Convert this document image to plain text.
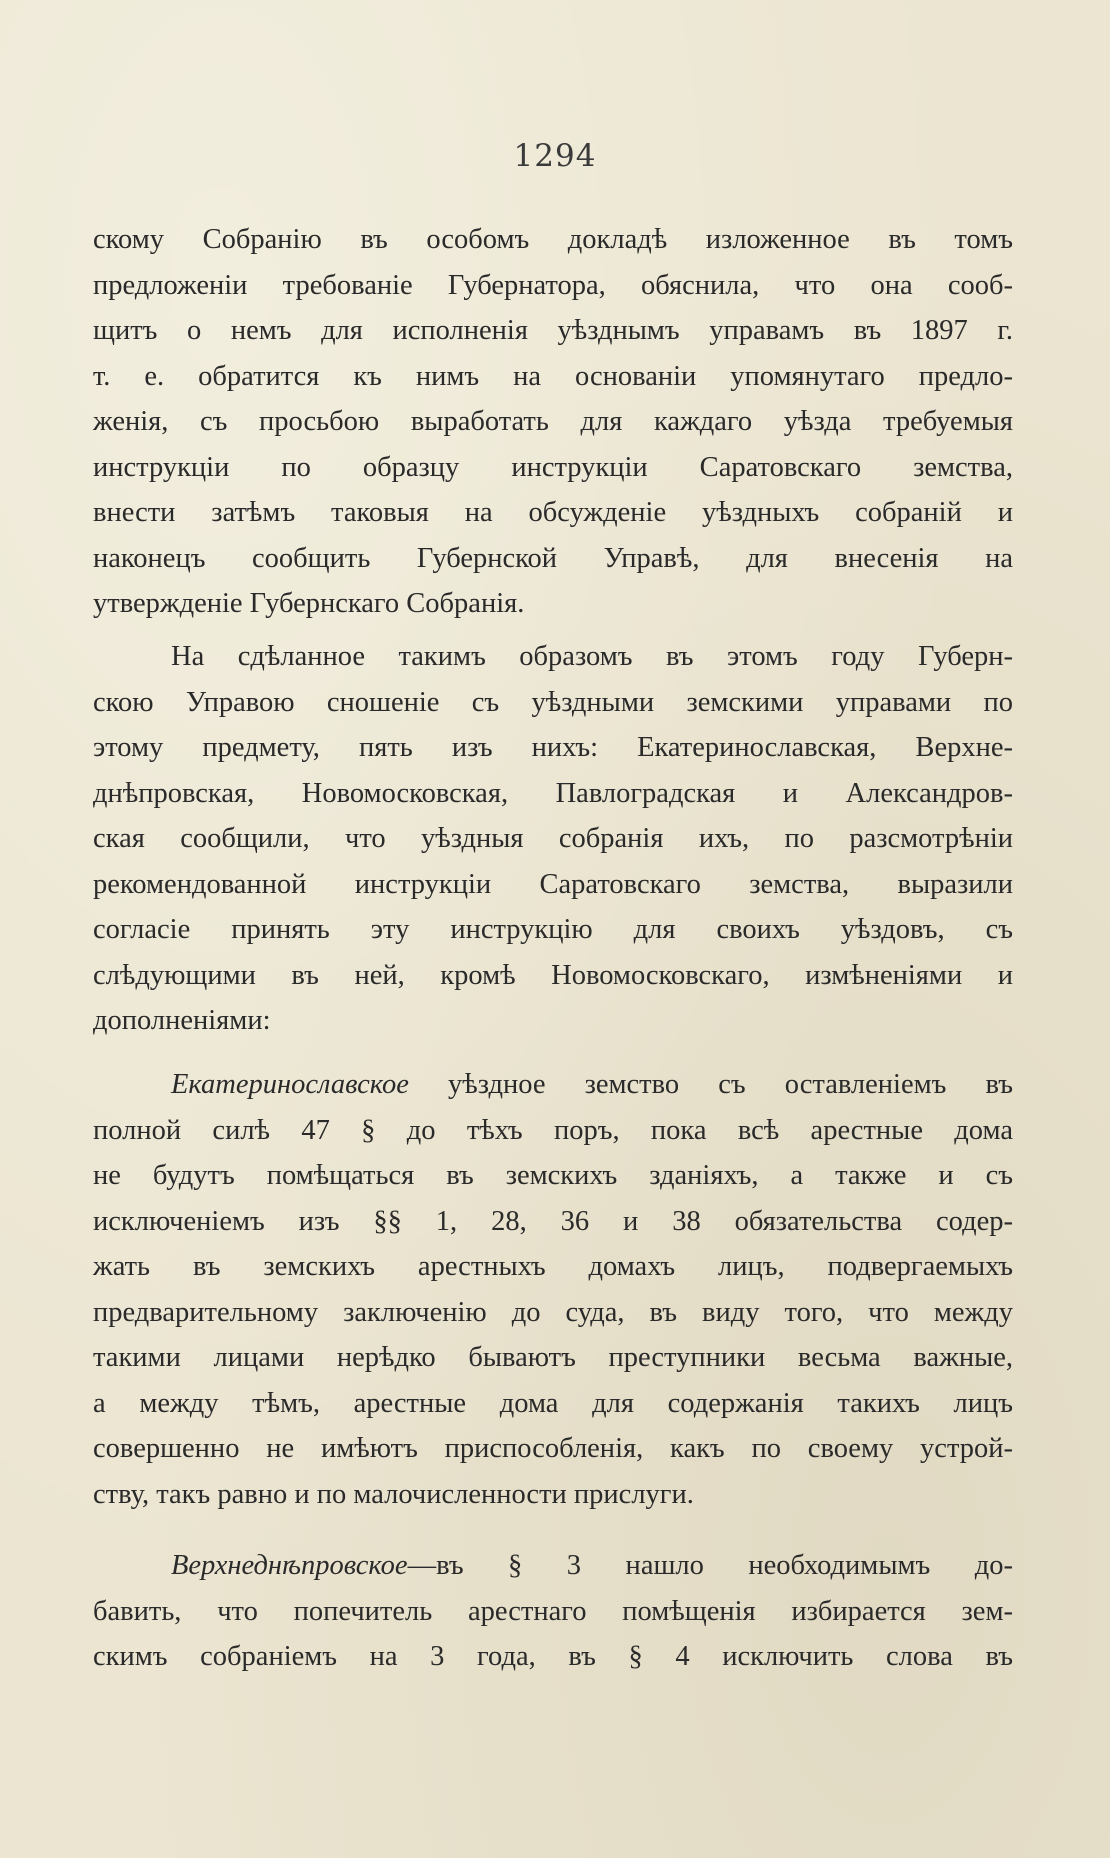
1294
скому Собранію въ особомъ докладѣ изложенное въ томъ
предложеніи требованіе Губернатора, обяснила, что она сооб-
щитъ о немъ для исполненія уѣзднымъ управамъ въ 1897 г.
т. е. обратится къ нимъ на основаніи упомянутаго предло-
женія, съ просьбою выработать для каждаго уѣзда требуемыя
инструкціи по образцу инструкціи Саратовскаго земства,
внести затѣмъ таковыя на обсужденіе уѣздныхъ собраній и
наконецъ сообщить Губернской Управѣ, для внесенія на
утвержденіе Губернскаго Собранія.
На сдѣланное такимъ образомъ въ этомъ году Губерн-
скою Управою сношеніе съ уѣздными земскими управами по
этому предмету, пять изъ нихъ: Екатеринославская, Верхне-
днѣпровская, Новомосковская, Павлоградская и Александров-
ская сообщили, что уѣздныя собранія ихъ, по разсмотрѣніи
рекомендованной инструкціи Саратовскаго земства, выразили
согласіе принять эту инструкцію для своихъ уѣздовъ, съ
слѣдующими въ ней, кромѣ Новомосковскаго, измѣненіями и
дополненіями:
Екатеринославское уѣздное земство съ оставленіемъ въ
полной силѣ 47 § до тѣхъ поръ, пока всѣ арестные дома
не будутъ помѣщаться въ земскихъ зданіяхъ, а также и съ
исключеніемъ изъ §§ 1, 28, 36 и 38 обязательства содер-
жать въ земскихъ арестныхъ домахъ лицъ, подвергаемыхъ
предварительному заключенію до суда, въ виду того, что между
такими лицами нерѣдко бываютъ преступники весьма важные,
а между тѣмъ, арестные дома для содержанія такихъ лицъ
совершенно не имѣютъ приспособленія, какъ по своему устрой-
ству, такъ равно и по малочисленности прислуги.
Верхнеднѣпровское—въ § 3 нашло необходимымъ до-
бавить, что попечитель арестнаго помѣщенія избирается зем-
скимъ собраніемъ на 3 года, въ § 4 исключить слова въ
